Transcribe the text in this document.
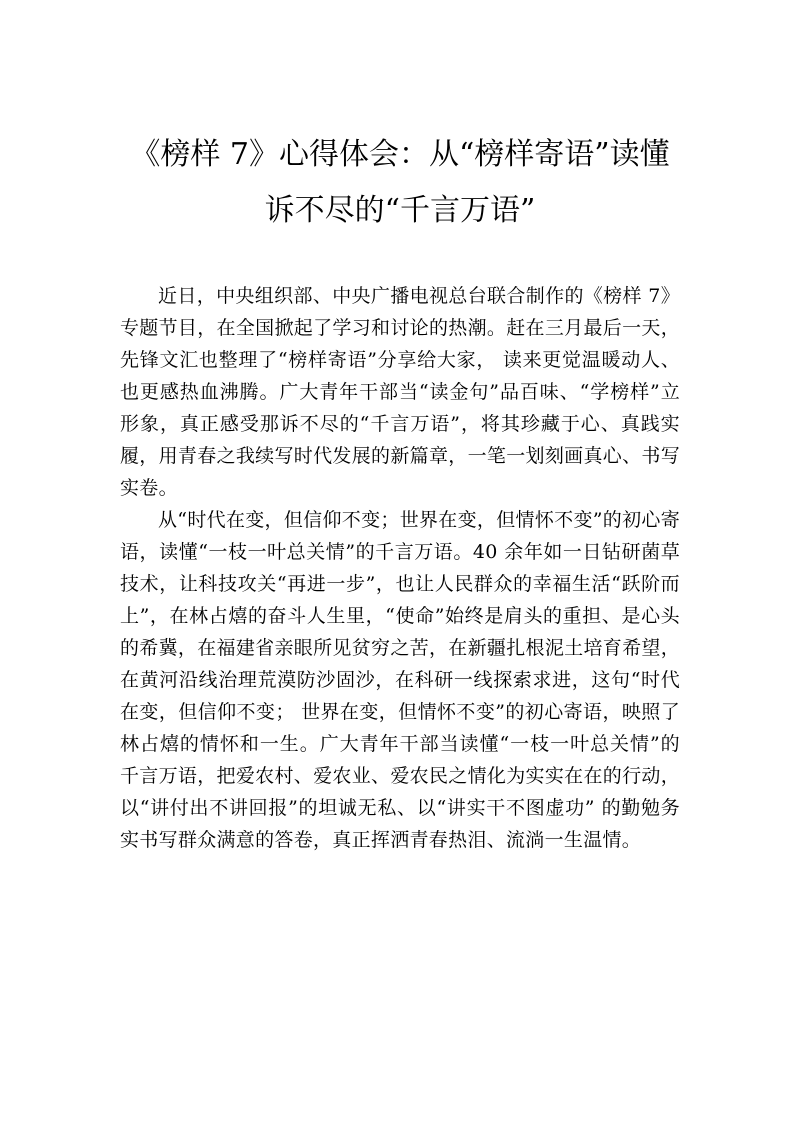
《榜样 7》心得体会：从“榜样寄语”读懂
诉不尽的“千言万语”

近日，中央组织部、中央广播电视总台联合制作的《榜样 7》专题节目，在全国掀起了学习和讨论的热潮。赶在三月最后一天，先锋文汇也整理了“榜样寄语”分享给大家， 读来更觉温暖动人、也更感热血沸腾。广大青年干部当“读金句”品百味、“学榜样”立形象，真正感受那诉不尽的“千言万语”，将其珍藏于心、真践实履，用青春之我续写时代发展的新篇章，一笔一划刻画真心、书写实卷。

从“时代在变，但信仰不变；世界在变，但情怀不变”的初心寄语，读懂“一枝一叶总关情”的千言万语。40 余年如一日钻研菌草技术，让科技攻关“再进一步”，也让人民群众的幸福生活“跃阶而上”，在林占熺的奋斗人生里，“使命”始终是肩头的重担、是心头的希冀，在福建省亲眼所见贫穷之苦，在新疆扎根泥土培育希望，在黄河沿线治理荒漠防沙固沙，在科研一线探索求进，这句“时代在变，但信仰不变； 世界在变，但情怀不变”的初心寄语，映照了林占熺的情怀和一生。广大青年干部当读懂“一枝一叶总关情”的千言万语，把爱农村、爱农业、爱农民之情化为实实在在的行动， 以“讲付出不讲回报”的坦诚无私、以“讲实干不图虚功” 的勤勉务实书写群众满意的答卷，真正挥洒青春热泪、流淌一生温情。
